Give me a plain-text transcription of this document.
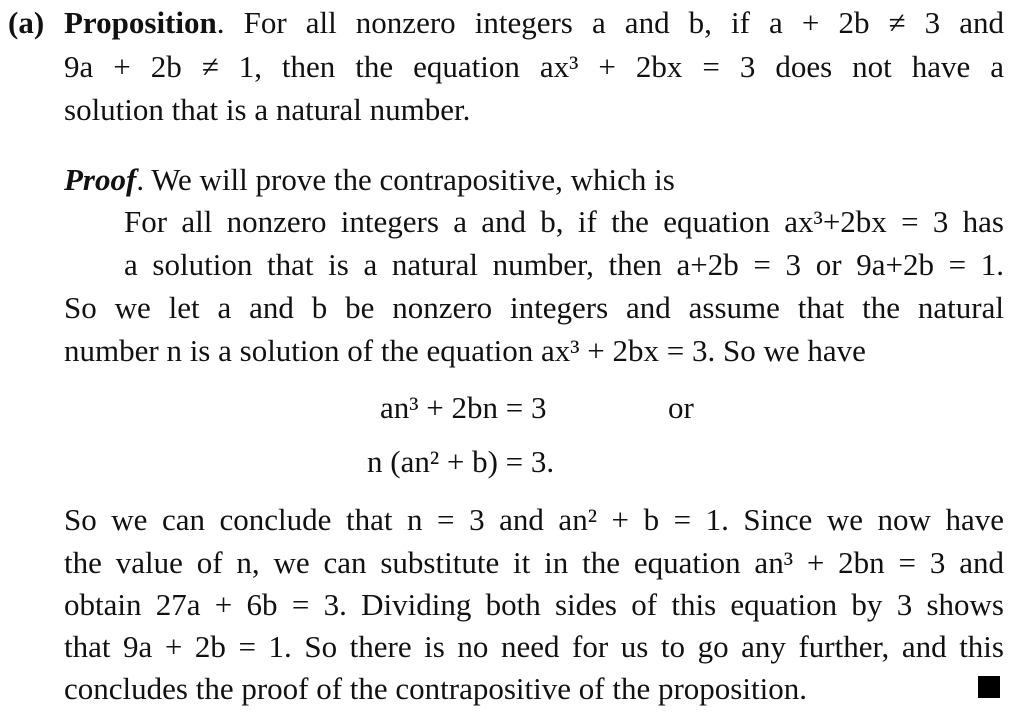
(a) Proposition. For all nonzero integers a and b, if a + 2b ≠ 3 and
9a + 2b ≠ 1, then the equation ax³ + 2bx = 3 does not have a
solution that is a natural number.
Proof. We will prove the contrapositive, which is
For all nonzero integers a and b, if the equation ax³+2bx = 3 has
a solution that is a natural number, then a+2b = 3 or 9a+2b = 1.
So we let a and b be nonzero integers and assume that the natural
number n is a solution of the equation ax³ + 2bx = 3. So we have
an³ + 2bn = 3	or
n (an² + b) = 3.
So we can conclude that n = 3 and an² + b = 1. Since we now have
the value of n, we can substitute it in the equation an³ + 2bn = 3 and
obtain 27a + 6b = 3. Dividing both sides of this equation by 3 shows
that 9a + 2b = 1. So there is no need for us to go any further, and this
concludes the proof of the contrapositive of the proposition.
